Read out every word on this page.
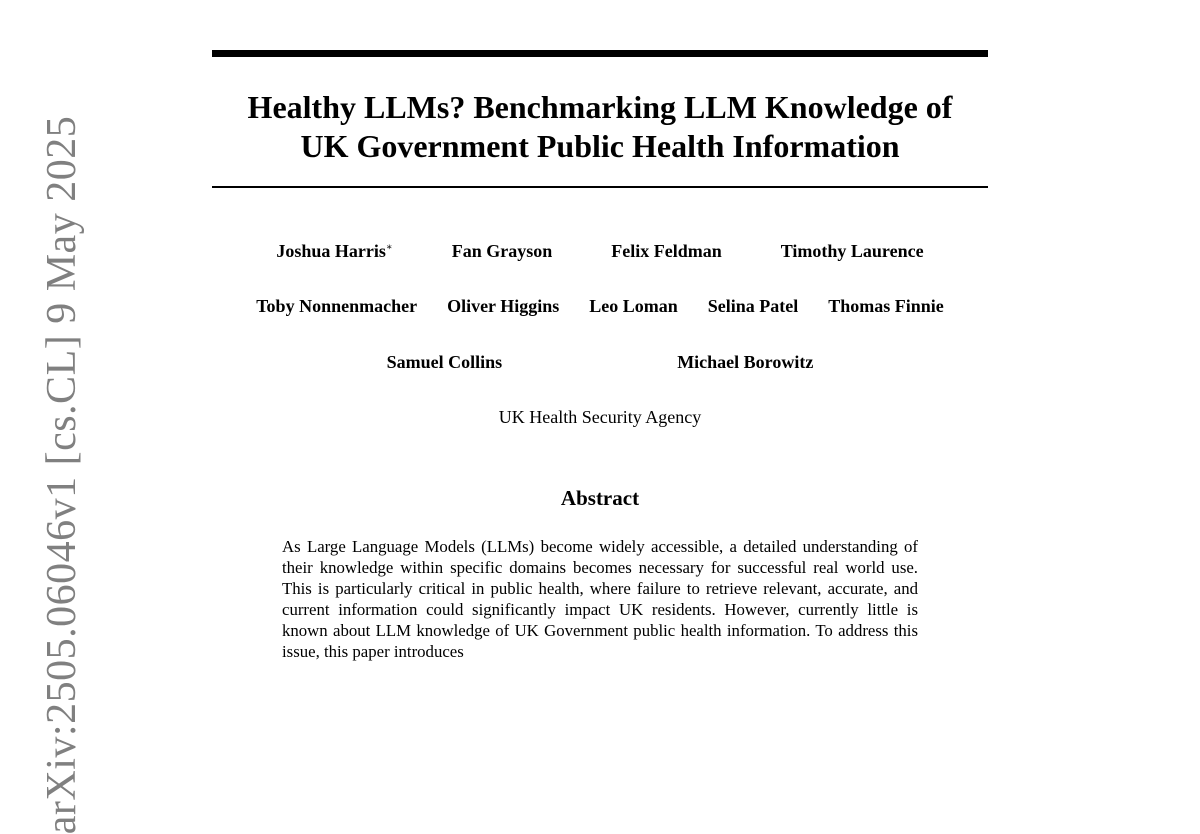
Healthy LLMs? Benchmarking LLM Knowledge of
UK Government Public Health Information
Joshua Harris∗	Fan Grayson	Felix Feldman	Timothy Laurence
Toby Nonnenmacher Oliver Higgins Leo Loman Selina Patel Thomas Finnie
Samuel Collins	Michael Borowitz
UK Health Security Agency
Abstract
As Large Language Models (LLMs) become widely accessible, a detailed understanding of their knowledge within specific domains becomes necessary for successful real world use. This is particularly critical in public health, where failure to retrieve relevant, accurate, and current information could significantly impact UK residents. However, currently little is known about LLM knowledge of UK Government public health information. To address this issue, this paper introduces
arXiv:2505.06046v1 [cs.CL] 9 May 2025
